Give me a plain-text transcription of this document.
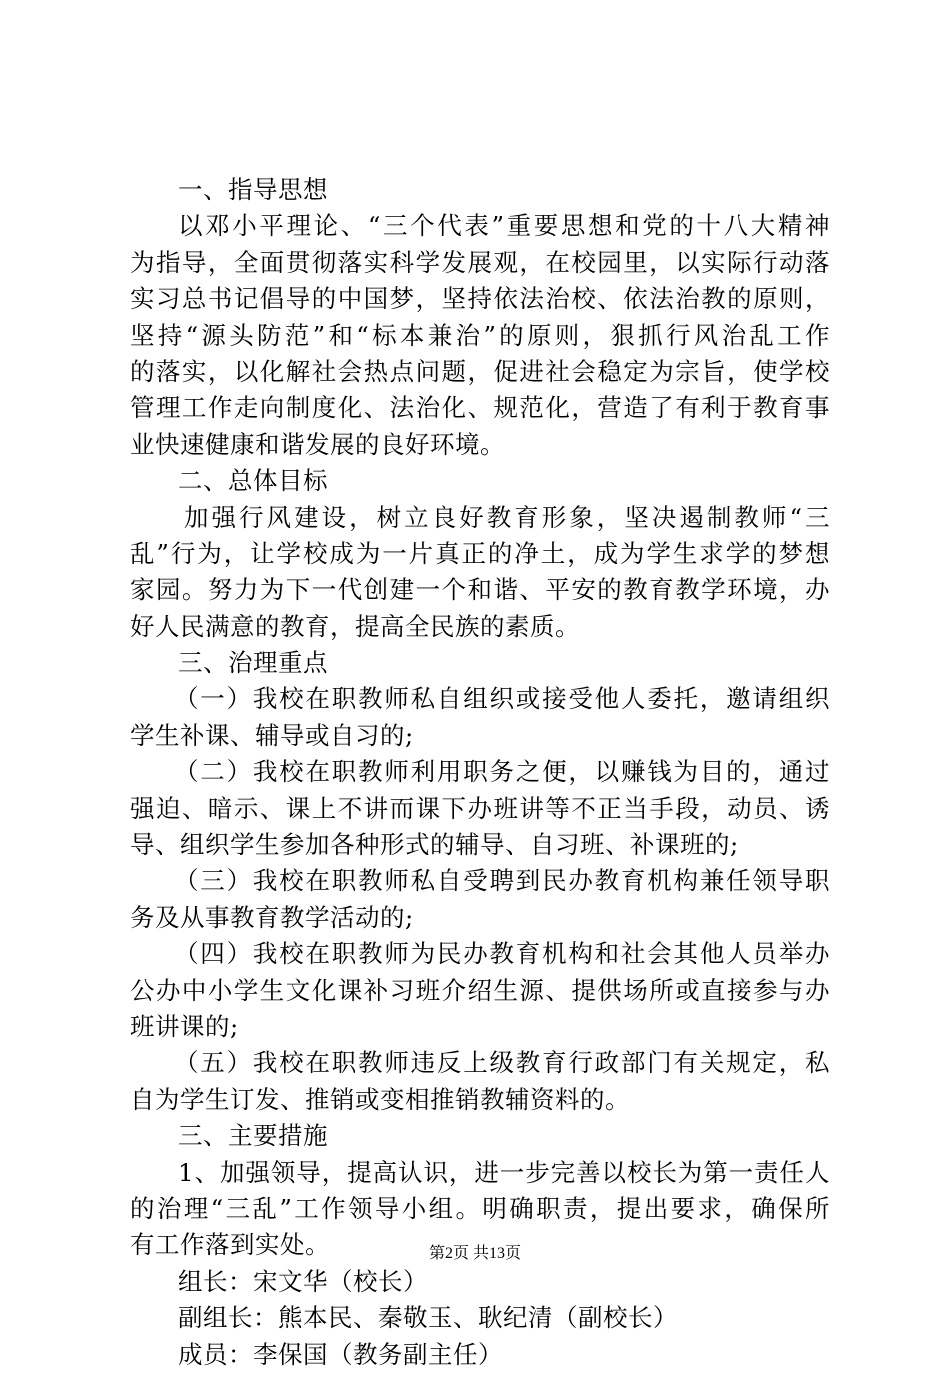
一、指导思想
以邓小平理论、“三个代表”重要思想和党的十八大精神
为指导，全面贯彻落实科学发展观，在校园里，以实际行动落
实习总书记倡导的中国梦，坚持依法治校、依法治教的原则，
坚持“源头防范”和“标本兼治”的原则，狠抓行风治乱工作
的落实，以化解社会热点问题，促进社会稳定为宗旨，使学校
管理工作走向制度化、法治化、规范化，营造了有利于教育事
业快速健康和谐发展的良好环境。
二、总体目标
加强行风建设，树立良好教育形象，坚决遏制教师“三
乱”行为，让学校成为一片真正的净土，成为学生求学的梦想
家园。努力为下一代创建一个和谐、平安的教育教学环境，办
好人民满意的教育，提高全民族的素质。
三、治理重点
（一）我校在职教师私自组织或接受他人委托，邀请组织
学生补课、辅导或自习的;
（二）我校在职教师利用职务之便，以赚钱为目的，通过
强迫、暗示、课上不讲而课下办班讲等不正当手段，动员、诱
导、组织学生参加各种形式的辅导、自习班、补课班的;
（三）我校在职教师私自受聘到民办教育机构兼任领导职
务及从事教育教学活动的;
（四）我校在职教师为民办教育机构和社会其他人员举办
公办中小学生文化课补习班介绍生源、提供场所或直接参与办
班讲课的;
（五）我校在职教师违反上级教育行政部门有关规定，私
自为学生订发、推销或变相推销教辅资料的。
三、主要措施
1、加强领导，提高认识，进一步完善以校长为第一责任人
的治理“三乱”工作领导小组。明确职责，提出要求，确保所
有工作落到实处。
组长：宋文华（校长）
副组长：熊本民、秦敬玉、耿纪清（副校长）
成员：李保国（教务副主任）
第2页 共13页
